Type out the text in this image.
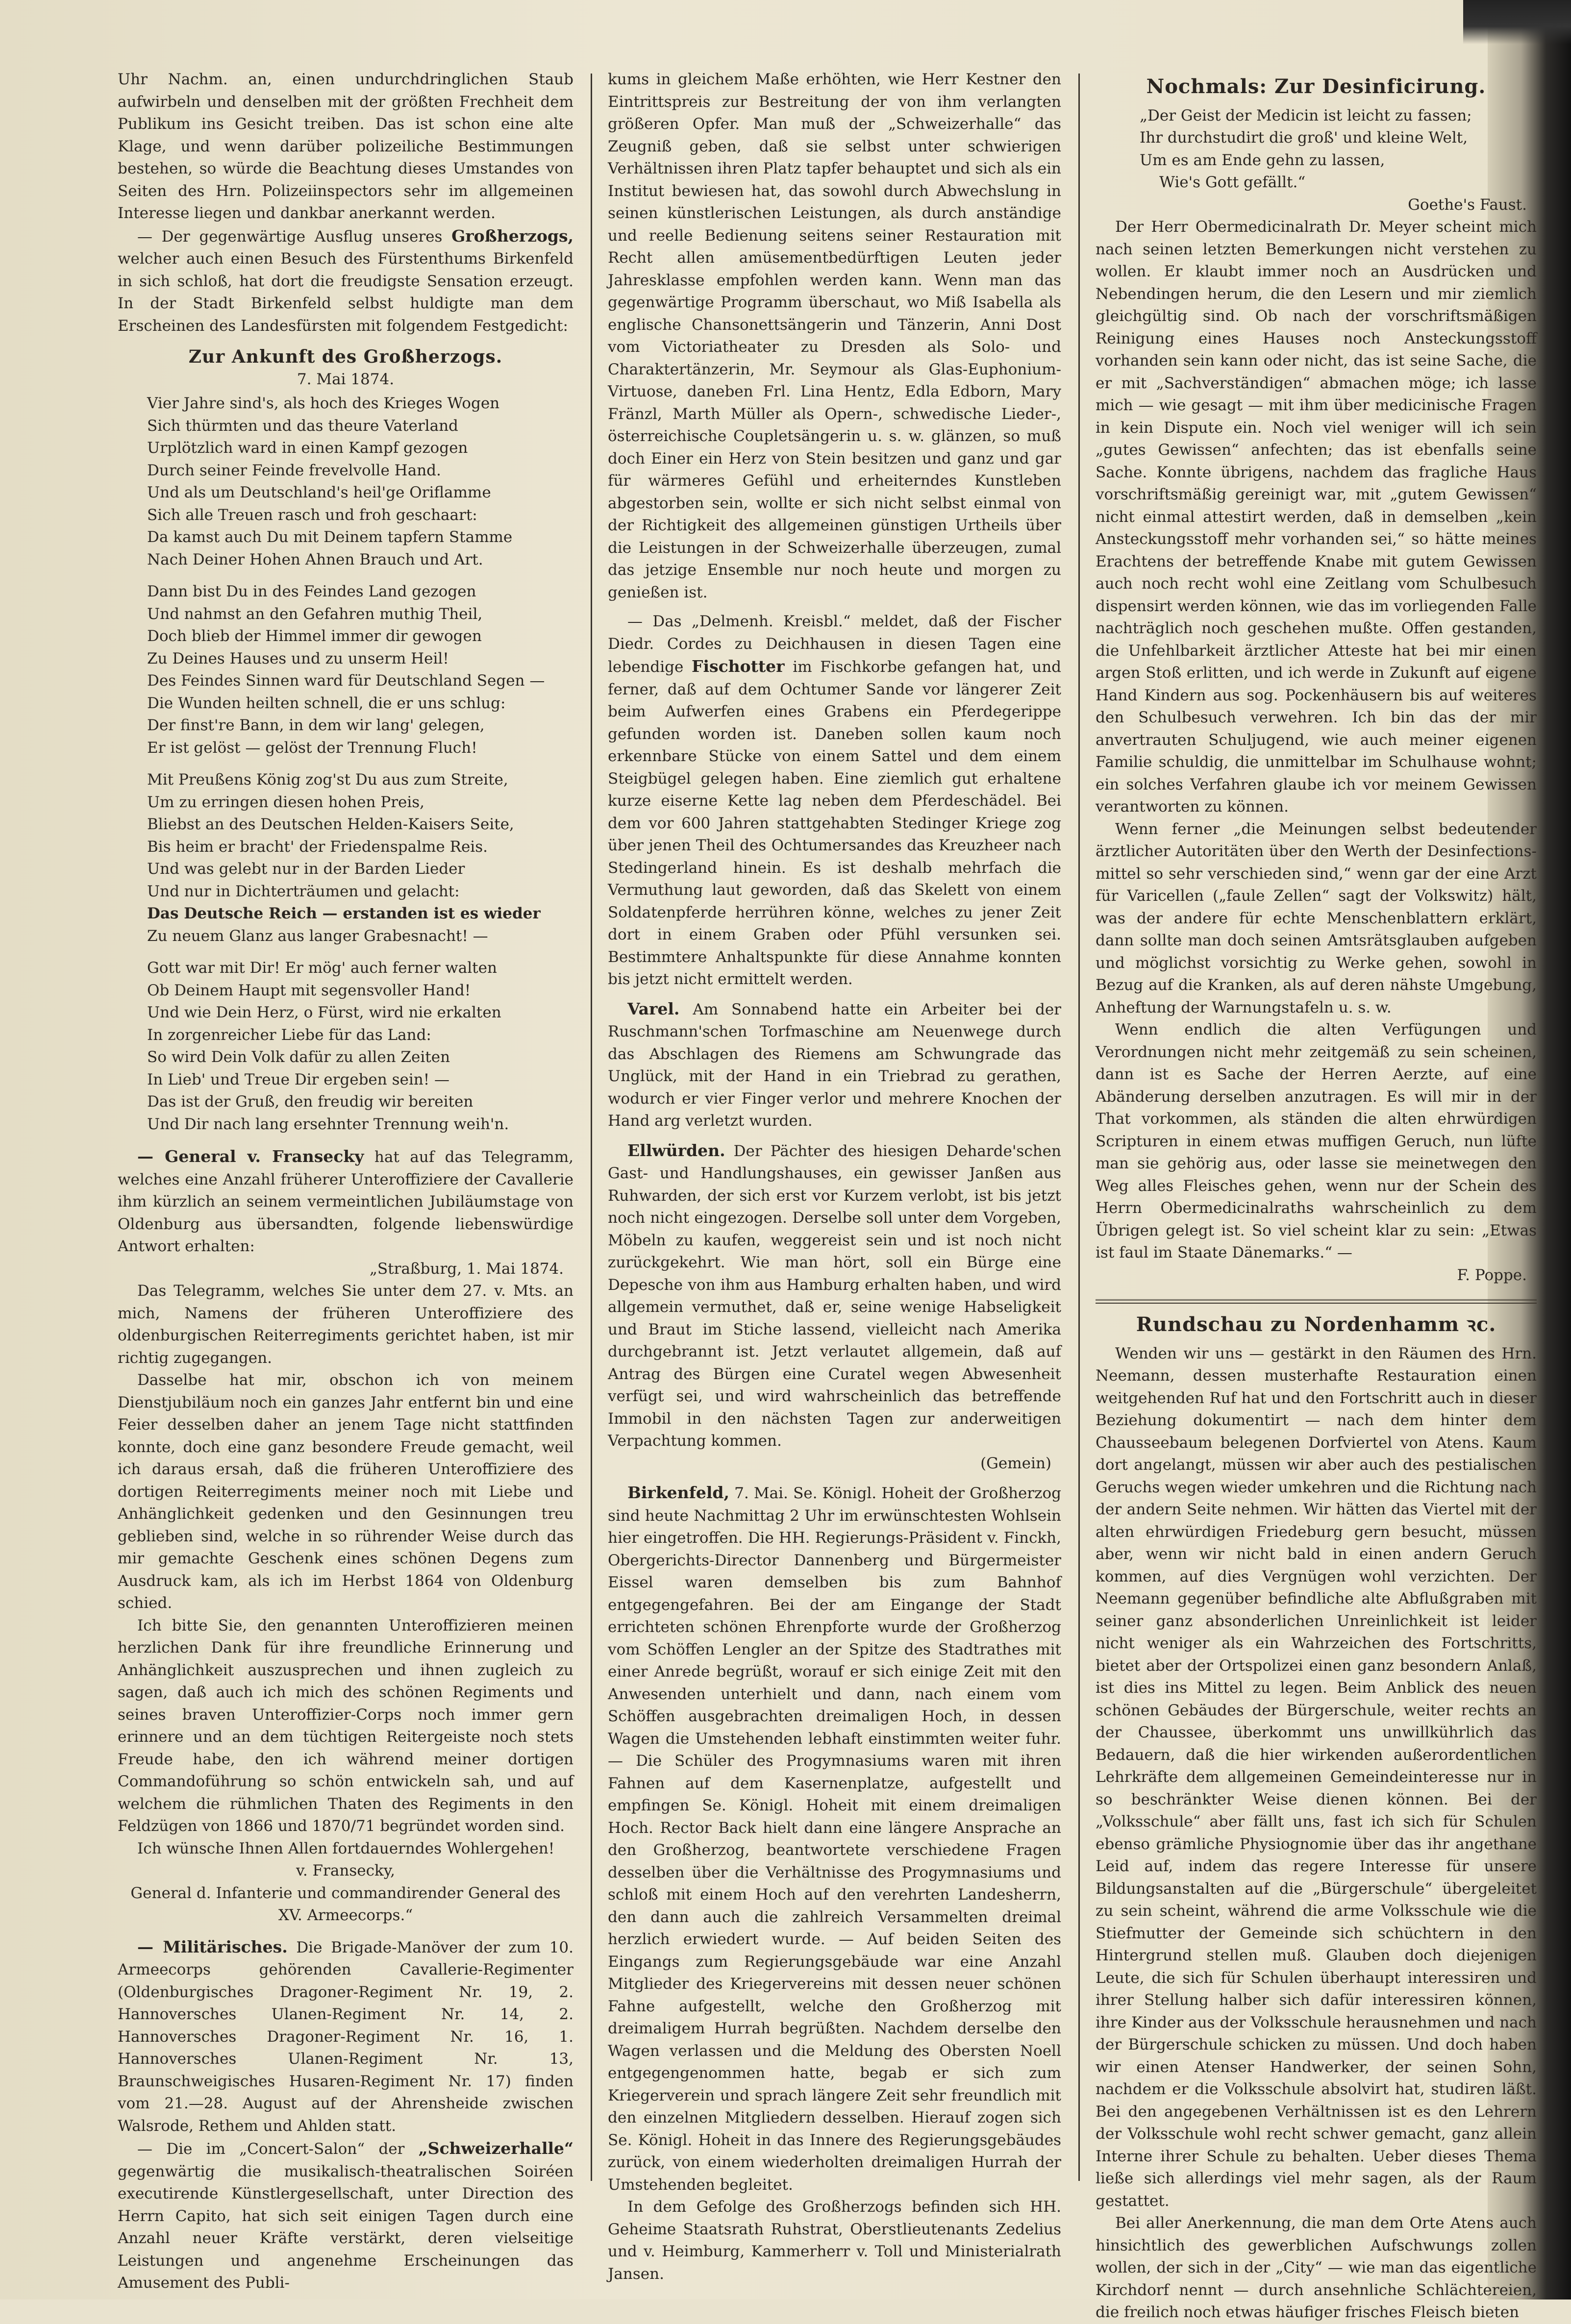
Uhr Nachm. an, einen undurchdringlichen Staub aufwirbeln und denselben mit der größten Frechheit dem Publikum ins Gesicht treiben. Das ist schon eine alte Klage, und wenn darüber polizeiliche Bestimmungen bestehen, so würde die Beachtung dieses Umstandes von Seiten des Hrn. Polizeiinspectors sehr im allgemeinen Interesse liegen und dankbar anerkannt werden.

— Der gegenwärtige Ausflug unseres Großherzogs, welcher auch einen Besuch des Fürstenthums Birkenfeld in sich schloß, hat dort die freudigste Sensation erzeugt. In der Stadt Birkenfeld selbst huldigte man dem Erscheinen des Landesfürsten mit folgendem Festgedicht:

Zur Ankunft des Großherzogs.
7. Mai 1874.
Vier Jahre sind's, als hoch des Krieges Wogen
Sich thürmten und das theure Vaterland
Urplötzlich ward in einen Kampf gezogen
Durch seiner Feinde frevelvolle Hand.
Und als um Deutschland's heil'ge Oriflamme
Sich alle Treuen rasch und froh geschaart:
Da kamst auch Du mit Deinem tapfern Stamme
Nach Deiner Hohen Ahnen Brauch und Art.
Dann bist Du in des Feindes Land gezogen
Und nahmst an den Gefahren muthig Theil,
Doch blieb der Himmel immer dir gewogen
Zu Deines Hauses und zu unserm Heil!
Des Feindes Sinnen ward für Deutschland Segen —
Die Wunden heilten schnell, die er uns schlug:
Der finst're Bann, in dem wir lang' gelegen,
Er ist gelöst — gelöst der Trennung Fluch!
Mit Preußens König zog'st Du aus zum Streite,
Um zu erringen diesen hohen Preis,
Bliebst an des Deutschen Helden-Kaisers Seite,
Bis heim er bracht' der Friedenspalme Reis.
Und was gelebt nur in der Barden Lieder
Und nur in Dichterträumen und gelacht:
Das Deutsche Reich — erstanden ist es wieder
Zu neuem Glanz aus langer Grabesnacht! —
Gott war mit Dir! Er mög' auch ferner walten
Ob Deinem Haupt mit segensvoller Hand!
Und wie Dein Herz, o Fürst, wird nie erkalten
In zorgenreicher Liebe für das Land:
So wird Dein Volk dafür zu allen Zeiten
In Lieb' und Treue Dir ergeben sein! —
Das ist der Gruß, den freudig wir bereiten
Und Dir nach lang ersehnter Trennung weih'n.

— General v. Fransecky hat auf das Telegramm, welches eine Anzahl früherer Unteroffiziere der Cavallerie ihm kürzlich an seinem vermeintlichen Jubiläumstage von Oldenburg aus übersandten, folgende liebenswürdige Antwort erhalten:

„Straßburg, 1. Mai 1874.

Das Telegramm, welches Sie unter dem 27. v. Mts. an mich, Namens der früheren Unteroffiziere des oldenburgischen Reiterregiments gerichtet haben, ist mir richtig zugegangen.

Dasselbe hat mir, obschon ich von meinem Dienstjubiläum noch ein ganzes Jahr entfernt bin und eine Feier desselben daher an jenem Tage nicht stattfinden konnte, doch eine ganz besondere Freude gemacht, weil ich daraus ersah, daß die früheren Unteroffiziere des dortigen Reiterregiments meiner noch mit Liebe und Anhänglichkeit gedenken und den Gesinnungen treu geblieben sind, welche in so rührender Weise durch das mir gemachte Geschenk eines schönen Degens zum Ausdruck kam, als ich im Herbst 1864 von Oldenburg schied.

Ich bitte Sie, den genannten Unteroffizieren meinen herzlichen Dank für ihre freundliche Erinnerung und Anhänglichkeit auszusprechen und ihnen zugleich zu sagen, daß auch ich mich des schönen Regiments und seines braven Unteroffizier-Corps noch immer gern erinnere und an dem tüchtigen Reitergeiste noch stets Freude habe, den ich während meiner dortigen Commandoführung so schön entwickeln sah, und auf welchem die rühmlichen Thaten des Regiments in den Feldzügen von 1866 und 1870/71 begründet worden sind.

Ich wünsche Ihnen Allen fortdauerndes Wohlergehen!

v. Fransecky,

General d. Infanterie und commandirender General des XV. Armeecorps.“

— Militärisches. Die Brigade-Manöver der zum 10. Armeecorps gehörenden Cavallerie-Regimenter (Oldenburgisches Dragoner-Regiment Nr. 19, 2. Hannoversches Ulanen-Regiment Nr. 14, 2. Hannoversches Dragoner-Regiment Nr. 16, 1. Hannoversches Ulanen-Regiment Nr. 13, Braunschweigisches Husaren-Regiment Nr. 17) finden vom 21.—28. August auf der Ahrensheide zwischen Walsrode, Rethem und Ahlden statt.

— Die im „Concert-Salon“ der „Schweizerhalle“ gegenwärtig die musikalisch-theatralischen Soiréen executirende Künstlergesellschaft, unter Direction des Herrn Capito, hat sich seit einigen Tagen durch eine Anzahl neuer Kräfte verstärkt, deren vielseitige Leistungen und angenehme Erscheinungen das Amusement des Publi-

kums in gleichem Maße erhöhten, wie Herr Kestner den Eintrittspreis zur Bestreitung der von ihm verlangten größeren Opfer. Man muß der „Schweizerhalle“ das Zeugniß geben, daß sie selbst unter schwierigen Verhältnissen ihren Platz tapfer behauptet und sich als ein Institut bewiesen hat, das sowohl durch Abwechslung in seinen künstlerischen Leistungen, als durch anständige und reelle Bedienung seitens seiner Restauration mit Recht allen amüsementbedürftigen Leuten jeder Jahresklasse empfohlen werden kann. Wenn man das gegenwärtige Programm überschaut, wo Miß Isabella als englische Chansonettsängerin und Tänzerin, Anni Dost vom Victoriatheater zu Dresden als Solo- und Charaktertänzerin, Mr. Seymour als Glas-Euphonium-Virtuose, daneben Frl. Lina Hentz, Edla Edborn, Mary Fränzl, Marth Müller als Opern-, schwedische Lieder-, österreichische Coupletsängerin u. s. w. glänzen, so muß doch Einer ein Herz von Stein besitzen und ganz und gar für wärmeres Gefühl und erheiterndes Kunstleben abgestorben sein, wollte er sich nicht selbst einmal von der Richtigkeit des allgemeinen günstigen Urtheils über die Leistungen in der Schweizerhalle überzeugen, zumal das jetzige Ensemble nur noch heute und morgen zu genießen ist.

— Das „Delmenh. Kreisbl.“ meldet, daß der Fischer Diedr. Cordes zu Deichhausen in diesen Tagen eine lebendige Fischotter im Fischkorbe gefangen hat, und ferner, daß auf dem Ochtumer Sande vor längerer Zeit beim Aufwerfen eines Grabens ein Pferdegerippe gefunden worden ist. Daneben sollen kaum noch erkennbare Stücke von einem Sattel und dem einem Steigbügel gelegen haben. Eine ziemlich gut erhaltene kurze eiserne Kette lag neben dem Pferdeschädel. Bei dem vor 600 Jahren stattgehabten Stedinger Kriege zog über jenen Theil des Ochtumersandes das Kreuzheer nach Stedingerland hinein. Es ist deshalb mehrfach die Vermuthung laut geworden, daß das Skelett von einem Soldatenpferde herrühren könne, welches zu jener Zeit dort in einem Graben oder Pfühl versunken sei. Bestimmtere Anhaltspunkte für diese Annahme konnten bis jetzt nicht ermittelt werden.

Varel. Am Sonnabend hatte ein Arbeiter bei der Ruschmann'schen Torfmaschine am Neuenwege durch das Abschlagen des Riemens am Schwungrade das Unglück, mit der Hand in ein Triebrad zu gerathen, wodurch er vier Finger verlor und mehrere Knochen der Hand arg verletzt wurden.

Ellwürden. Der Pächter des hiesigen Deharde'schen Gast- und Handlungshauses, ein gewisser Janßen aus Ruhwarden, der sich erst vor Kurzem verlobt, ist bis jetzt noch nicht eingezogen. Derselbe soll unter dem Vorgeben, Möbeln zu kaufen, weggereist sein und ist noch nicht zurückgekehrt. Wie man hört, soll ein Bürge eine Depesche von ihm aus Hamburg erhalten haben, und wird allgemein vermuthet, daß er, seine wenige Habseligkeit und Braut im Stiche lassend, vielleicht nach Amerika durchgebrannt ist. Jetzt verlautet allgemein, daß auf Antrag des Bürgen eine Curatel wegen Abwesenheit verfügt sei, und wird wahrscheinlich das betreffende Immobil in den nächsten Tagen zur anderweitigen Verpachtung kommen.

(Gemein)

Birkenfeld, 7. Mai. Se. Königl. Hoheit der Großherzog sind heute Nachmittag 2 Uhr im erwünschtesten Wohlsein hier eingetroffen. Die HH. Regierungs-Präsident v. Finckh, Obergerichts-Director Dannenberg und Bürgermeister Eissel waren demselben bis zum Bahnhof entgegengefahren. Bei der am Eingange der Stadt errichteten schönen Ehrenpforte wurde der Großherzog vom Schöffen Lengler an der Spitze des Stadtrathes mit einer Anrede begrüßt, worauf er sich einige Zeit mit den Anwesenden unterhielt und dann, nach einem vom Schöffen ausgebrachten dreimaligen Hoch, in dessen Wagen die Umstehenden lebhaft einstimmten weiter fuhr. — Die Schüler des Progymnasiums waren mit ihren Fahnen auf dem Kasernenplatze, aufgestellt und empfingen Se. Königl. Hoheit mit einem dreimaligen Hoch. Rector Back hielt dann eine längere Ansprache an den Großherzog, beantwortete verschiedene Fragen desselben über die Verhältnisse des Progymnasiums und schloß mit einem Hoch auf den verehrten Landesherrn, den dann auch die zahlreich Versammelten dreimal herzlich erwiedert wurde. — Auf beiden Seiten des Eingangs zum Regierungsgebäude war eine Anzahl Mitglieder des Kriegervereins mit dessen neuer schönen Fahne aufgestellt, welche den Großherzog mit dreimaligem Hurrah begrüßten. Nachdem derselbe den Wagen verlassen und die Meldung des Obersten Noell entgegengenommen hatte, begab er sich zum Kriegerverein und sprach längere Zeit sehr freundlich mit den einzelnen Mitgliedern desselben. Hierauf zogen sich Se. Königl. Hoheit in das Innere des Regierungsgebäudes zurück, von einem wiederholten dreimaligen Hurrah der Umstehenden begleitet.

In dem Gefolge des Großherzogs befinden sich HH. Geheime Staatsrath Ruhstrat, Oberstlieutenants Zedelius und v. Heimburg, Kammerherr v. Toll und Ministerialrath Jansen.

Nochmals: Zur Desinficirung.
„Der Geist der Medicin ist leicht zu fassen;
Ihr durchstudirt die groß' und kleine Welt,
Um es am Ende gehn zu lassen,
Wie's Gott gefällt.“

Goethe's Faust.

Der Herr Obermedicinalrath Dr. Meyer scheint mich nach seinen letzten Bemerkungen nicht verstehen zu wollen. Er klaubt immer noch an Ausdrücken und Nebendingen herum, die den Lesern und mir ziemlich gleichgültig sind. Ob nach der vorschriftsmäßigen Reinigung eines Hauses noch Ansteckungsstoff vorhanden sein kann oder nicht, das ist seine Sache, die er mit „Sachverständigen“ abmachen möge; ich lasse mich — wie gesagt — mit ihm über medicinische Fragen in kein Dispute ein. Noch viel weniger will ich sein „gutes Gewissen“ anfechten; das ist ebenfalls seine Sache. Konnte übrigens, nachdem das fragliche Haus vorschriftsmäßig gereinigt war, mit „gutem Gewissen“ nicht einmal attestirt werden, daß in demselben „kein Ansteckungsstoff mehr vorhanden sei,“ so hätte meines Erachtens der betreffende Knabe mit gutem Gewissen auch noch recht wohl eine Zeitlang vom Schulbesuch dispensirt werden können, wie das im vorliegenden Falle nachträglich noch geschehen mußte. Offen gestanden, die Unfehlbarkeit ärztlicher Atteste hat bei mir einen argen Stoß erlitten, und ich werde in Zukunft auf eigene Hand Kindern aus sog. Pockenhäusern bis auf weiteres den Schulbesuch verwehren. Ich bin das der mir anvertrauten Schuljugend, wie auch meiner eigenen Familie schuldig, die unmittelbar im Schulhause wohnt; ein solches Verfahren glaube ich vor meinem Gewissen verantworten zu können.

Wenn ferner „die Meinungen selbst bedeutender ärztlicher Autoritäten über den Werth der Desinfectionsmittel so sehr verschieden sind,“ wenn gar der eine Arzt für Varicellen („faule Zellen“ sagt der Volkswitz) hält, was der andere für echte Menschenblattern erklärt, dann sollte man doch seinen Amtsrätsglauben aufgeben und möglichst vorsichtig zu Werke gehen, sowohl in Bezug auf die Kranken, als auf deren nähste Umgebung, Anheftung der Warnungstafeln u. s. w.

Wenn endlich die alten Verfügungen und Verordnungen nicht mehr zeitgemäß zu sein scheinen, dann ist es Sache der Herren Aerzte, auf eine Abänderung derselben anzutragen. Es will mir in der That vorkommen, als ständen die alten ehrwürdigen Scripturen in einem etwas muffigen Geruch, nun lüfte man sie gehörig aus, oder lasse sie meinetwegen den Weg alles Fleisches gehen, wenn nur der Schein des Herrn Obermedicinalraths wahrscheinlich zu dem Übrigen gelegt ist. So viel scheint klar zu sein: „Etwas ist faul im Staate Dänemarks.“ —

F. Poppe.

Rundschau zu Nordenhamm ꝛc.

Wenden wir uns — gestärkt in den Räumen des Hrn. Neemann, dessen musterhafte Restauration einen weitgehenden Ruf hat und den Fortschritt auch in dieser Beziehung dokumentirt — nach dem hinter dem Chausseebaum belegenen Dorfviertel von Atens. Kaum dort angelangt, müssen wir aber auch des pestialischen Geruchs wegen wieder umkehren und die Richtung nach der andern Seite nehmen. Wir hätten das Viertel mit der alten ehrwürdigen Friedeburg gern besucht, müssen aber, wenn wir nicht bald in einen andern Geruch kommen, auf dies Vergnügen wohl verzichten. Der Neemann gegenüber befindliche alte Abflußgraben mit seiner ganz absonderlichen Unreinlichkeit ist leider nicht weniger als ein Wahrzeichen des Fortschritts, bietet aber der Ortspolizei einen ganz besondern Anlaß, ist dies ins Mittel zu legen. Beim Anblick des neuen schönen Gebäudes der Bürgerschule, weiter rechts an der Chaussee, überkommt uns unwillkührlich das Bedauern, daß die hier wirkenden außerordentlichen Lehrkräfte dem allgemeinen Gemeindeinteresse nur in so beschränkter Weise dienen können. Bei der „Volksschule“ aber fällt uns, fast ich sich für Schulen ebenso grämliche Physiognomie über das ihr angethane Leid auf, indem das regere Interesse für unsere Bildungsanstalten auf die „Bürgerschule“ übergeleitet zu sein scheint, während die arme Volksschule wie die Stiefmutter der Gemeinde sich schüchtern in den Hintergrund stellen muß. Glauben doch diejenigen Leute, die sich für Schulen überhaupt interessiren und ihrer Stellung halber sich dafür interessiren können, ihre Kinder aus der Volksschule herausnehmen und nach der Bürgerschule schicken zu müssen. Und doch haben wir einen Atenser Handwerker, der seinen Sohn, nachdem er die Volksschule absolvirt hat, studiren läßt. Bei den angegebenen Verhältnissen ist es den Lehrern der Volksschule wohl recht schwer gemacht, ganz allein Interne ihrer Schule zu behalten. Ueber dieses Thema ließe sich allerdings viel mehr sagen, als der Raum gestattet.

Bei aller Anerkennung, die man dem Orte Atens auch hinsichtlich des gewerblichen Aufschwungs zollen wollen, der sich in der „City“ — wie man das eigentliche Kirchdorf nennt — durch ansehnliche Schlächtereien, die freilich noch etwas häufiger frisches Fleisch bieten
